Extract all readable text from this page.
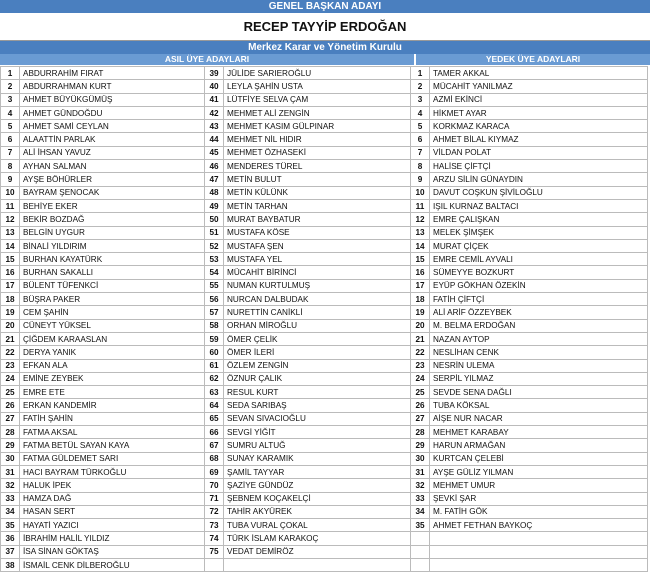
GENEL BAŞKAN ADAYI
RECEP TAYYİP ERDOĞAN
Merkez Karar ve Yönetim Kurulu
ASIL ÜYE ADAYLARI	YEDEK ÜYE ADAYLARI
1	ABDURRAHİM FIRAT	39	JÜLİDE SARIEROĞLU	1	TAMER AKKAL
2	ABDURRAHMAN KURT	40	LEYLA ŞAHİN USTA	2	MÜCAHİT YANILMAZ
3	AHMET BÜYÜKGÜMÜŞ	41	LÜTFİYE SELVA ÇAM	3	AZMİ EKİNCİ
4	AHMET GÜNDOĞDU	42	MEHMET ALİ ZENGİN	4	HİKMET AYAR
5	AHMET SAMİ CEYLAN	43	MEHMET KASIM GÜLPINAR	5	KORKMAZ KARACA
6	ALAATTİN PARLAK	44	MEHMET NİL HIDIR	6	AHMET BİLAL KIYMAZ
7	ALİ İHSAN YAVUZ	45	MEHMET ÖZHASEKİ	7	VİLDAN POLAT
8	AYHAN SALMAN	46	MENDERES TÜREL	8	HALİSE ÇİFTÇİ
9	AYŞE BÖHÜRLER	47	METİN BULUT	9	ARZU SİLİN GÜNAYDIN
10	BAYRAM ŞENOCAK	48	METİN KÜLÜNK	10	DAVUT COŞKUN ŞİVİLOĞLU
11	BEHİYE EKER	49	METİN TARHAN	11	IŞIL KURNAZ BALTACI
12	BEKİR BOZDAĞ	50	MURAT BAYBATUR	12	EMRE ÇALIŞKAN
13	BELGİN UYGUR	51	MUSTAFA KÖSE	13	MELEK ŞİMŞEK
14	BİNALİ YILDIRIM	52	MUSTAFA ŞEN	14	MURAT ÇİÇEK
15	BURHAN KAYATÜRK	53	MUSTAFA YEL	15	EMRE CEMİL AYVALI
16	BURHAN SAKALLI	54	MÜCAHİT BİRİNCİ	16	SÜMEYYE BOZKURT
17	BÜLENT TÜFENKCİ	55	NUMAN KURTULMUŞ	17	EYÜP GÖKHAN ÖZEKİN
18	BÜŞRA PAKER	56	NURCAN DALBUDAK	18	FATİH ÇİFTÇİ
19	CEM ŞAHİN	57	NURETTİN CANİKLİ	19	ALİ ARİF ÖZZEYBEK
20	CÜNEYT YÜKSEL	58	ORHAN MİROĞLU	20	M. BELMA ERDOĞAN
21	ÇİĞDEM KARAASLAN	59	ÖMER ÇELİK	21	NAZAN AYTOP
22	DERYA YANIK	60	ÖMER İLERİ	22	NESLİHAN CENK
23	EFKAN ALA	61	ÖZLEM ZENGİN	23	NESRİN ULEMA
24	EMİNE ZEYBEK	62	ÖZNUR ÇALIK	24	SERPİL YILMAZ
25	EMRE ETE	63	RESUL KURT	25	SEVDE SENA DAĞLI
26	ERKAN KANDEMİR	64	SEDA SARIBAŞ	26	TUBA KÖKSAL
27	FATİH ŞAHİN	65	SEVAN SIVACIOĞLU	27	AİŞE NUR NACAR
28	FATMA AKSAL	66	SEVGİ YİĞİT	28	MEHMET KARABAY
29	FATMA BETÜL SAYAN KAYA	67	SUMRU ALTUĞ	29	HARUN ARMAĞAN
30	FATMA GÜLDEMET SARI	68	SUNAY KARAMIK	30	KURTCAN ÇELEBİ
31	HACI BAYRAM TÜRKOĞLU	69	ŞAMİL TAYYAR	31	AYŞE GÜLİZ YILMAN
32	HALUK İPEK	70	ŞAZİYE GÜNDÜZ	32	MEHMET UMUR
33	HAMZA DAĞ	71	ŞEBNEM KOÇAKELÇİ	33	ŞEVKİ ŞAR
34	HASAN SERT	72	TAHİR AKYÜREK	34	M. FATİH GÖK
35	HAYATİ YAZICI	73	TUBA VURAL ÇOKAL	35	AHMET FETHAN BAYKOÇ
36	İBRAHİM HALİL YILDIZ	74	TÜRK İSLAM KARAKOÇ		
37	İSA SİNAN GÖKTAŞ	75	VEDAT DEMİRÖZ		
38	İSMAİL CENK DİLBEROĞLU				
